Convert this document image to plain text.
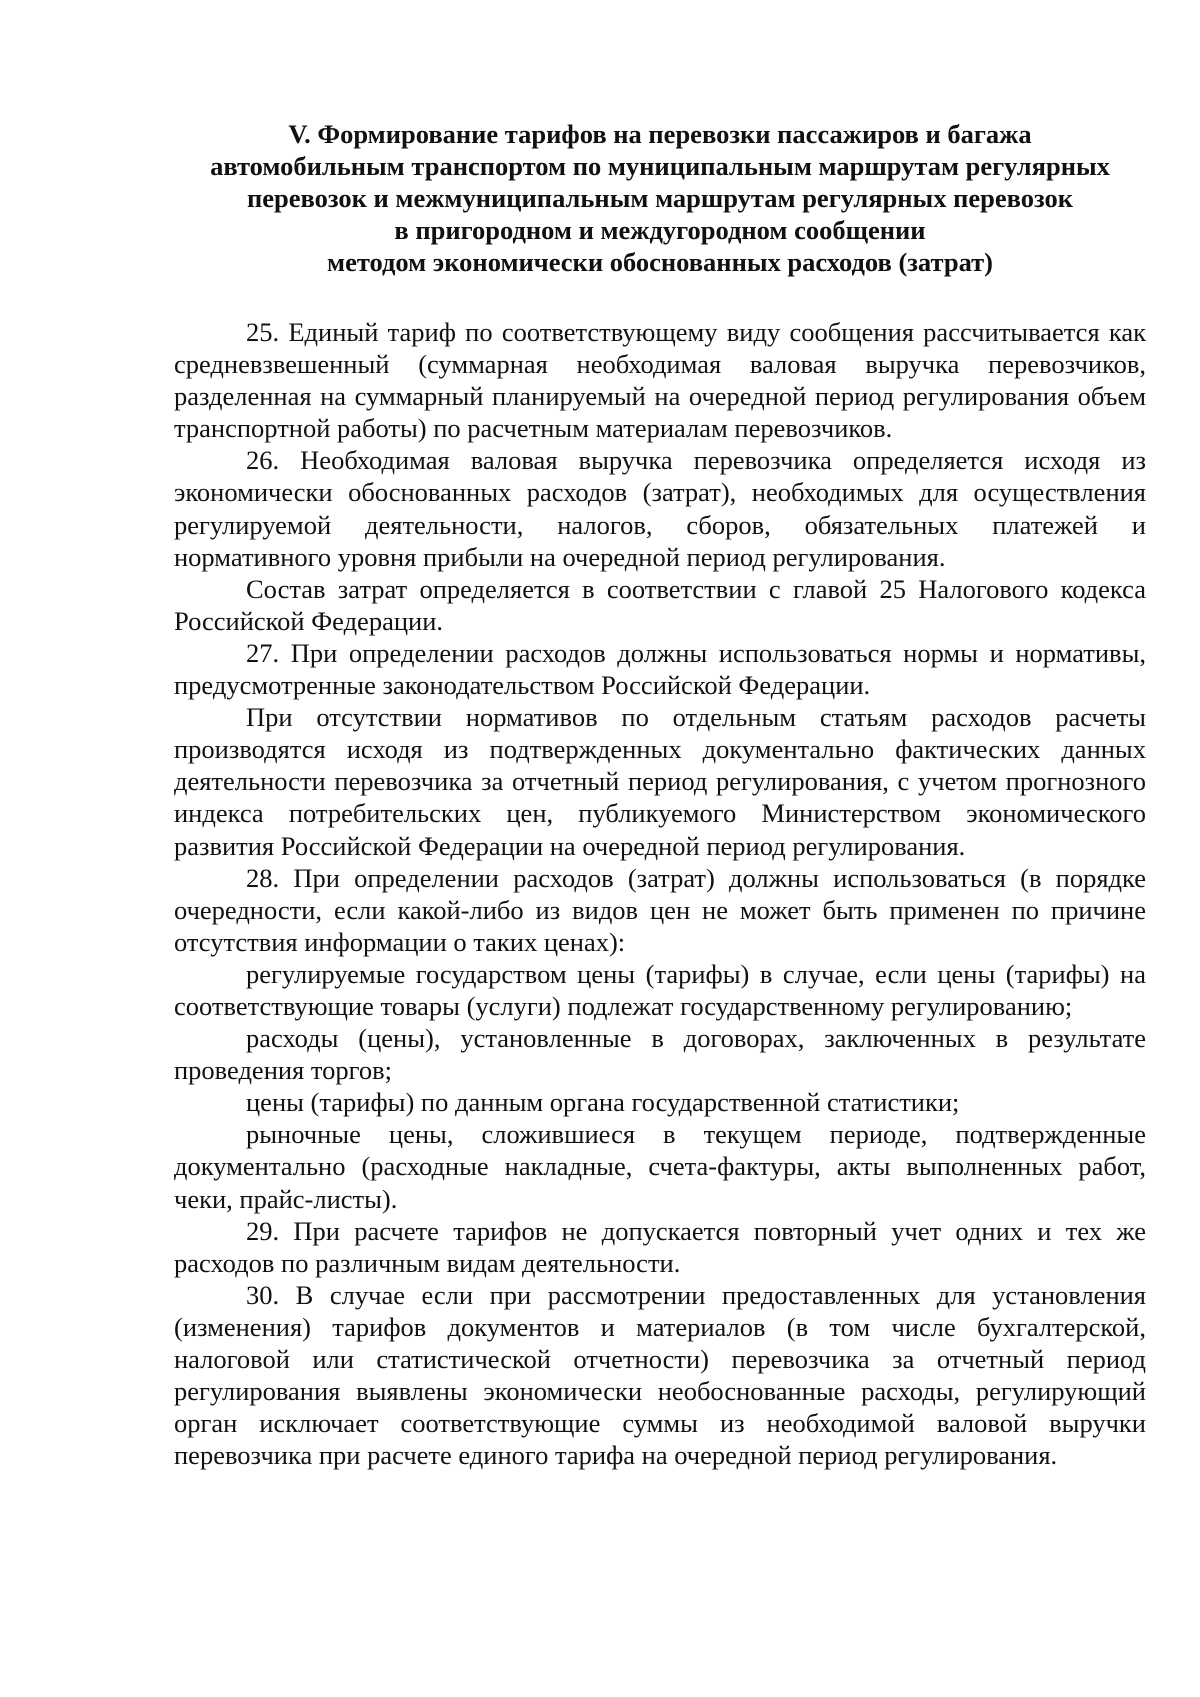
V. Формирование тарифов на перевозки пассажиров и багажа
автомобильным транспортом по муниципальным маршрутам регулярных
перевозок и межмуниципальным маршрутам регулярных перевозок
в пригородном и междугородном сообщении
методом экономически обоснованных расходов (затрат)

25. Единый тариф по соответствующему виду сообщения рассчитывается как средневзвешенный (суммарная необходимая валовая выручка перевозчиков, разделенная на суммарный планируемый на очередной период регулирования объем транспортной работы) по расчетным материалам перевозчиков.

26. Необходимая валовая выручка перевозчика определяется исходя из экономически обоснованных расходов (затрат), необходимых для осуществления регулируемой деятельности, налогов, сборов, обязательных платежей и нормативного уровня прибыли на очередной период регулирования.

Состав затрат определяется в соответствии с главой 25 Налогового кодекса Российской Федерации.

27. При определении расходов должны использоваться нормы и нормативы, предусмотренные законодательством Российской Федерации.

При отсутствии нормативов по отдельным статьям расходов расчеты производятся исходя из подтвержденных документально фактических данных деятельности перевозчика за отчетный период регулирования, с учетом прогнозного индекса потребительских цен, публикуемого Министерством экономического развития Российской Федерации на очередной период регулирования.

28. При определении расходов (затрат) должны использоваться (в порядке очередности, если какой-либо из видов цен не может быть применен по причине отсутствия информации о таких ценах):

регулируемые государством цены (тарифы) в случае, если цены (тарифы) на соответствующие товары (услуги) подлежат государственному регулированию;

расходы (цены), установленные в договорах, заключенных в результате проведения торгов;

цены (тарифы) по данным органа государственной статистики;

рыночные цены, сложившиеся в текущем периоде, подтвержденные документально (расходные накладные, счета-фактуры, акты выполненных работ, чеки, прайс-листы).

29. При расчете тарифов не допускается повторный учет одних и тех же расходов по различным видам деятельности.

30. В случае если при рассмотрении предоставленных для установления (изменения) тарифов документов и материалов (в том числе бухгалтерской, налоговой или статистической отчетности) перевозчика за отчетный период регулирования выявлены экономически необоснованные расходы, регулирующий орган исключает соответствующие суммы из необходимой валовой выручки перевозчика при расчете единого тарифа на очередной период регулирования.
